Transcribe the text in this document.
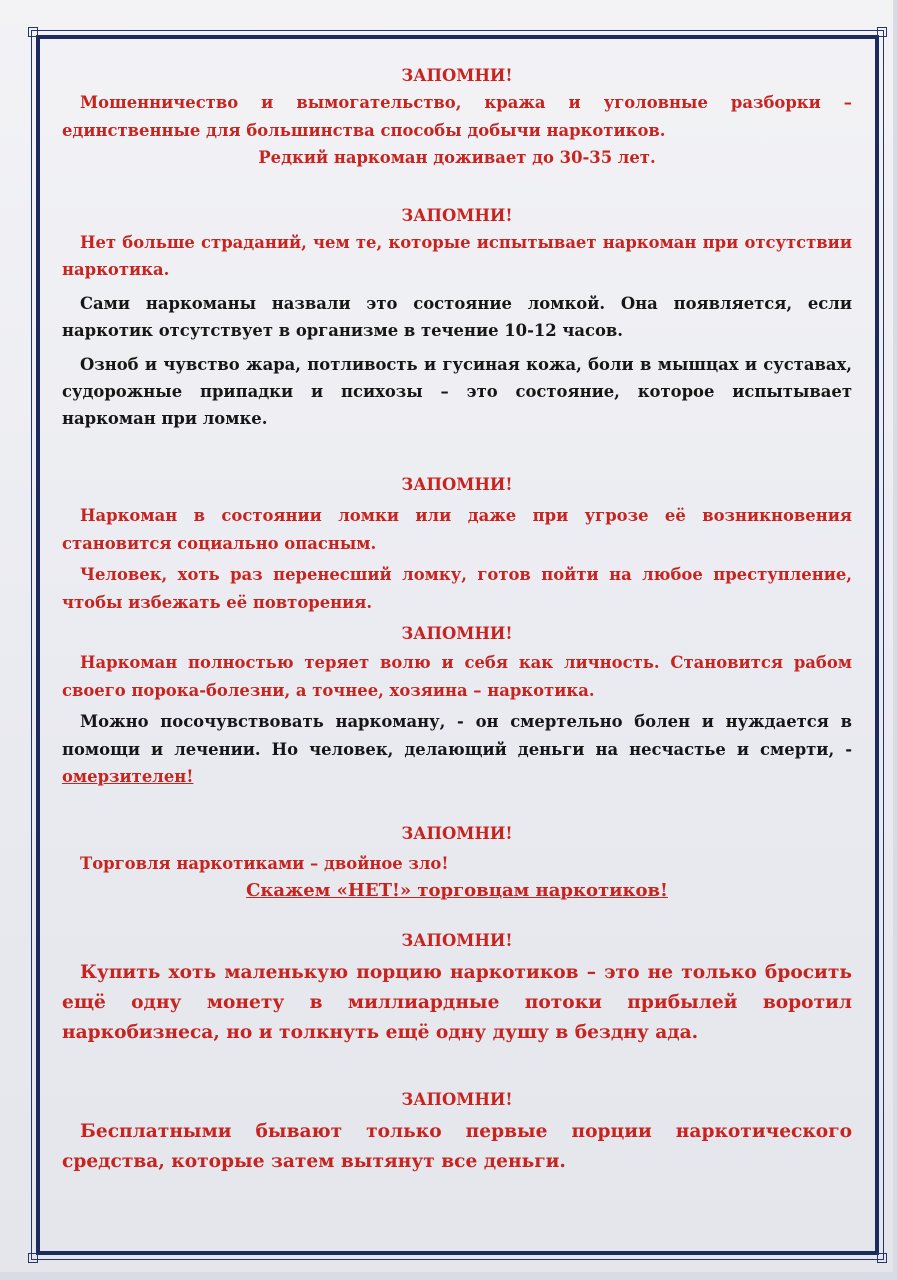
ЗАПОМНИ!

Мошенничество и вымогательство, кража и уголовные разборки – единственные для большинства способы добычи наркотиков.

Редкий наркоман доживает до 30-35 лет.

ЗАПОМНИ!

Нет больше страданий, чем те, которые испытывает наркоман при отсутствии наркотика.

Сами наркоманы назвали это состояние ломкой. Она появляется, если наркотик отсутствует в организме в течение 10-12 часов.

Озноб и чувство жара, потливость и гусиная кожа, боли в мышцах и суставах, судорожные припадки и психозы – это состояние, которое испытывает наркоман при ломке.

ЗАПОМНИ!

Наркоман в состоянии ломки или даже при угрозе её возникновения становится социально опасным.

Человек, хоть раз перенесший ломку, готов пойти на любое преступление, чтобы избежать её повторения.

ЗАПОМНИ!

Наркоман полностью теряет волю и себя как личность. Становится рабом своего порока-болезни, а точнее, хозяина – наркотика.

Можно посочувствовать наркоману, - он смертельно болен и нуждается в помощи и лечении. Но человек, делающий деньги на несчастье и смерти, - омерзителен!

ЗАПОМНИ!

Торговля наркотиками – двойное зло!

Скажем «НЕТ!» торговцам наркотиков!

ЗАПОМНИ!

Купить хоть маленькую порцию наркотиков – это не только бросить ещё одну монету в миллиардные потоки прибылей воротил наркобизнеса, но и толкнуть ещё одну душу в бездну ада.

ЗАПОМНИ!

Бесплатными бывают только первые порции наркотического средства, которые затем вытянут все деньги.
